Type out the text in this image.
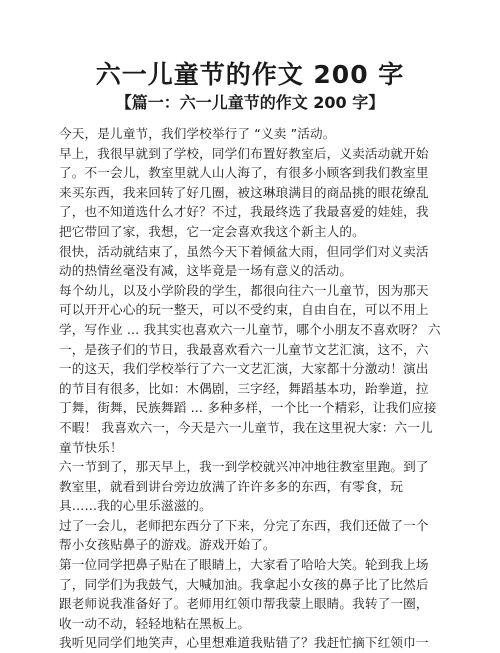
六一儿童节的作文 200 字
【篇一：六一儿童节的作文 200 字】
今天，是儿童节，我们学校举行了 “义卖 ”活动。
早上，我很早就到了学校，同学们布置好教室后，义卖活动就开始
了。不一会儿，教室里就人山人海了，有很多小顾客到我们教室里
来买东西，我来回转了好几圈，被这琳琅满目的商品挑的眼花缭乱
了，也不知道选什么才好？不过，我最终选了我最喜爱的娃娃，我
把它带回了家，我想，它一定会喜欢我这个新主人的。
很快，活动就结束了，虽然今天下着倾盆大雨，但同学们对义卖活
动的热情丝毫没有减，这毕竟是一场有意义的活动。
每个幼儿，以及小学阶段的学生，都很向往六一儿童节，因为那天
可以开开心心的玩一整天，可以不受约束，自由自在，可以不用上
学，写作业 ... 我其实也喜欢六一儿童节，哪个小朋友不喜欢呀？ 六
一，是孩子们的节日，我最喜欢看六一儿童节文艺汇演，这不，六
一的这天，我们学校举行了六一文艺汇演，大家都十分激动！演出
的节目有很多，比如：木偶剧，三字经，舞蹈基本功，跆拳道，拉
丁舞，街舞，民族舞蹈 ... 多种多样，一个比一个精彩，让我们应接
不暇！ 我喜欢六一，今天是六一儿童节，我在这里祝大家：六一儿
童节快乐！
六一节到了，那天早上，我一到学校就兴冲冲地往教室里跑。到了
教室里，就看到讲台旁边放满了许许多多的东西，有零食，玩
具……我的心里乐滋滋的。
过了一会儿，老师把东西分了下来，分完了东西，我们还做了一个
帮小女孩贴鼻子的游戏。游戏开始了。
第一位同学把鼻子贴在了眼睛上，大家看了哈哈大笑。轮到我上场
了，同学们为我鼓气，大喊加油。我拿起小女孩的鼻子比了比然后
跟老师说我准备好了。老师用红领巾帮我蒙上眼睛。我转了一圈，
收一动不动，轻轻地粘在黑板上。
我听见同学们地笑声，心里想难道我贴错了？我赶忙摘下红领巾一
